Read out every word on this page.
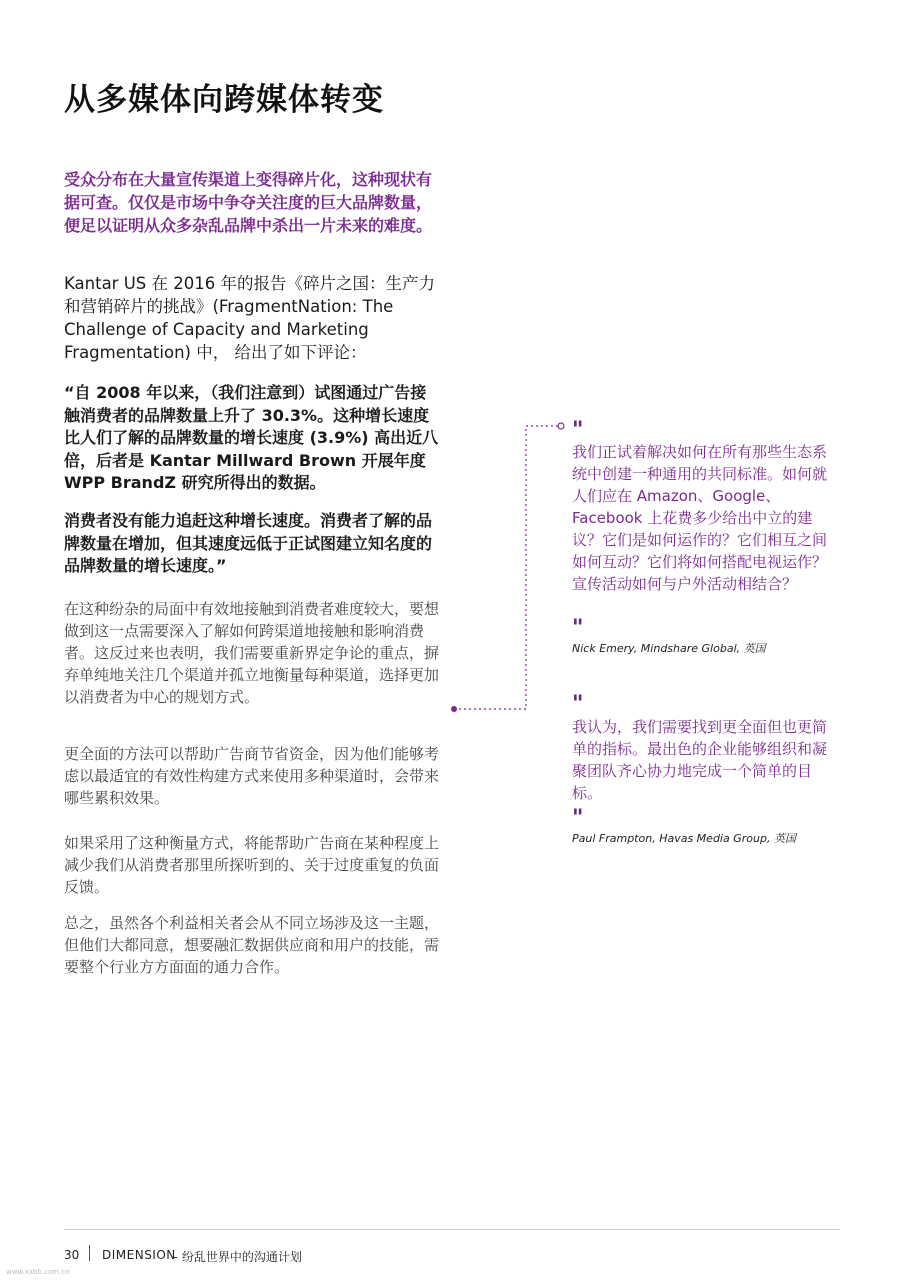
从多媒体向跨媒体转变
受众分布在大量宣传渠道上变得碎片化，这种现状有据可查。仅仅是市场中争夺关注度的巨大品牌数量，便足以证明从众多杂乱品牌中杀出一片未来的难度。
Kantar US 在 2016 年的报告《碎片之国：生产力和营销碎片的挑战》(FragmentNation: The Challenge of Capacity and Marketing Fragmentation) 中， 给出了如下评论：
“自 2008 年以来，（我们注意到）试图通过广告接触消费者的品牌数量上升了 30.3%。这种增长速度比人们了解的品牌数量的增长速度 (3.9%) 高出近八倍，后者是 Kantar Millward Brown 开展年度 WPP BrandZ 研究所得出的数据。
消费者没有能力追赶这种增长速度。消费者了解的品牌数量在增加，但其速度远低于正试图建立知名度的品牌数量的增长速度。”
在这种纷杂的局面中有效地接触到消费者难度较大，要想做到这一点需要深入了解如何跨渠道地接触和影响消费者。这反过来也表明，我们需要重新界定争论的重点，摒弃单纯地关注几个渠道并孤立地衡量每种渠道，选择更加以消费者为中心的规划方式。
更全面的方法可以帮助广告商节省资金，因为他们能够考虑以最适宜的有效性构建方式来使用多种渠道时，会带来哪些累积效果。
如果采用了这种衡量方式，将能帮助广告商在某种程度上减少我们从消费者那里所探听到的、关于过度重复的负面反馈。
总之，虽然各个利益相关者会从不同立场涉及这一主题，但他们大都同意，想要融汇数据供应商和用户的技能，需要整个行业方方面面的通力合作。
"
我们正试着解决如何在所有那些生态系统中创建一种通用的共同标准。如何就人们应在 Amazon、Google、Facebook 上花费多少给出中立的建议？它们是如何运作的？它们相互之间如何互动？它们将如何搭配电视运作？宣传活动如何与户外活动相结合？
"
Nick Emery, Mindshare Global, 英国
"
我认为，我们需要找到更全面但也更简单的指标。最出色的企业能够组织和凝聚团队齐心协力地完成一个简单的目标。
"
Paul Frampton, Havas Media Group, 英国
30 DIMENSION
– 纷乱世界中的沟通计划
www.xxbb.com.cn
